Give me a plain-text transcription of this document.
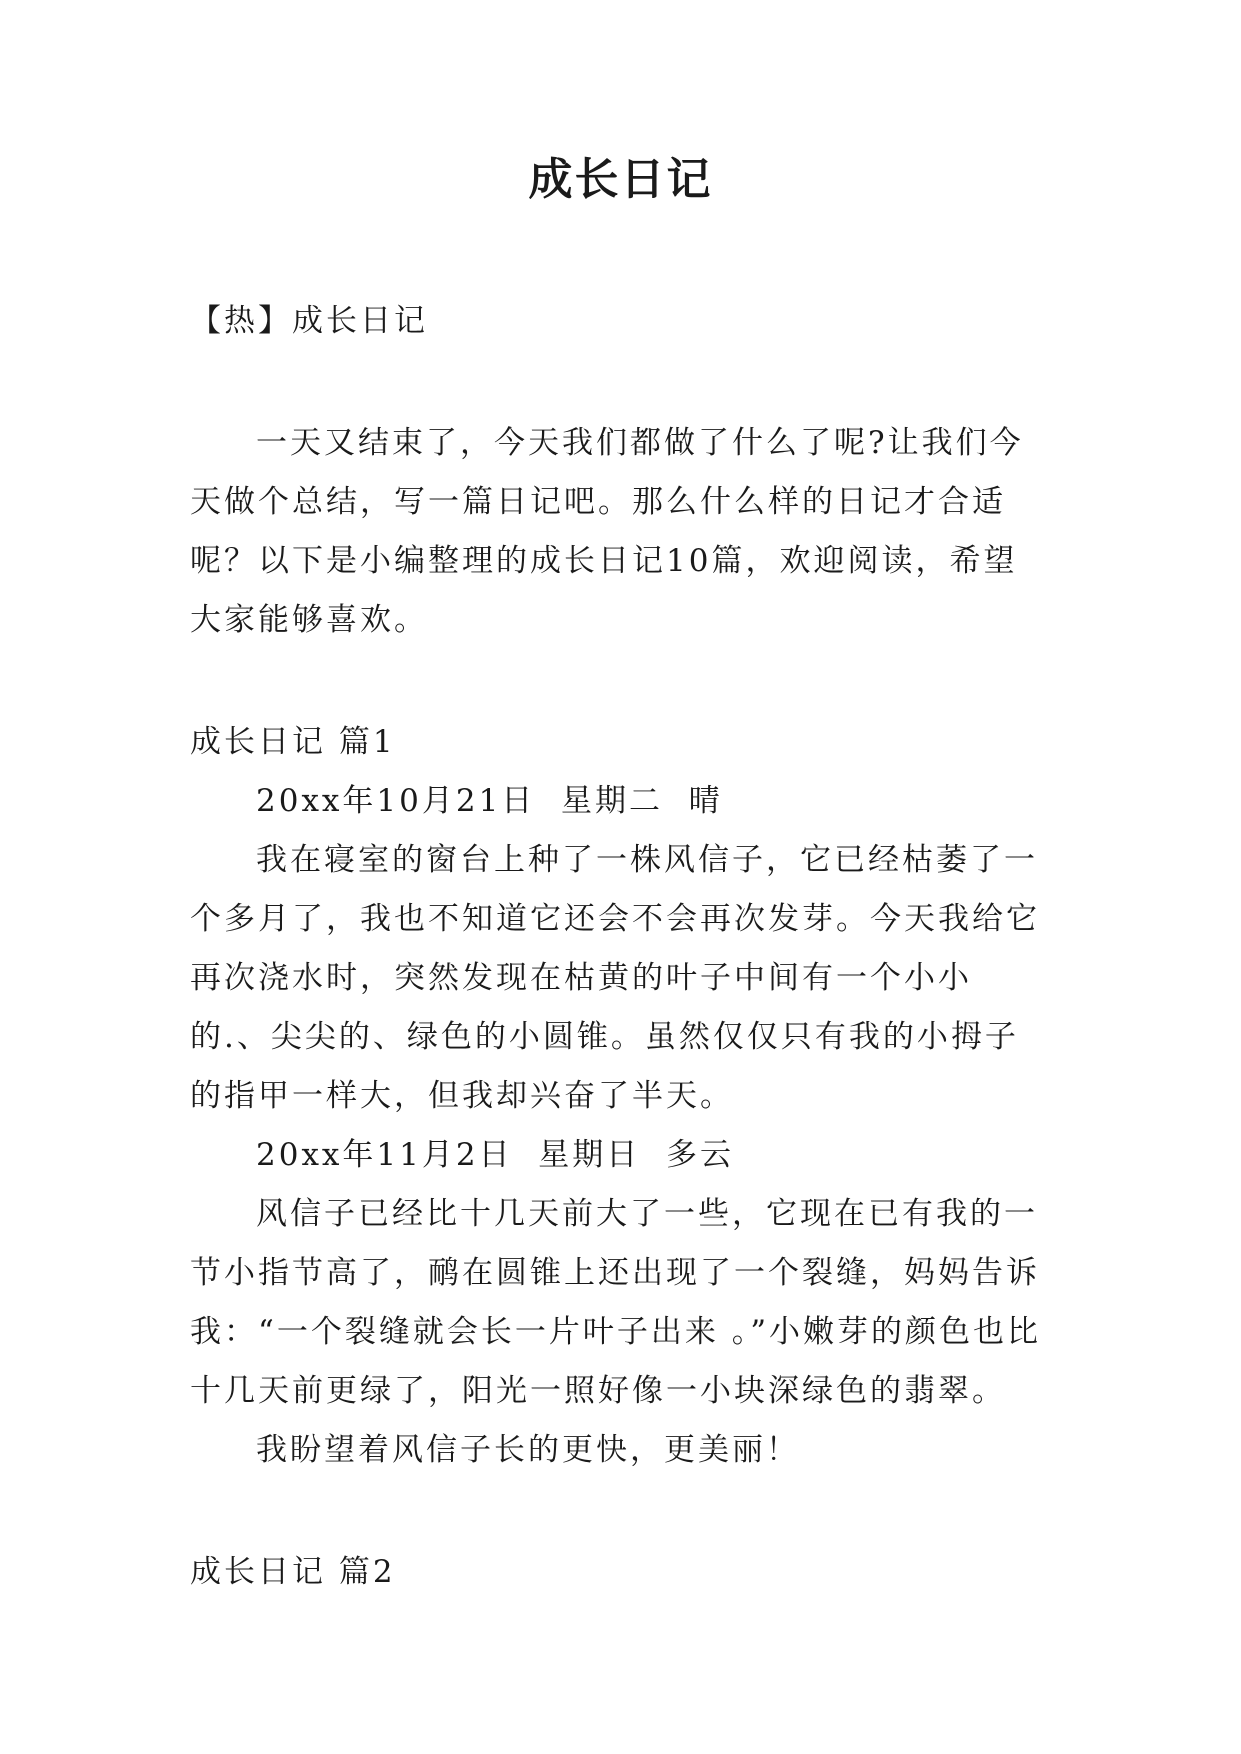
成长日记

【热】成长日记

一天又结束了，今天我们都做了什么了呢?让我们今天做个总结，写一篇日记吧。那么什么样的日记才合适呢？以下是小编整理的成长日记10篇，欢迎阅读，希望大家能够喜欢。

成长日记 篇1

20xx年10月21日  星期二  晴

我在寝室的窗台上种了一株风信子，它已经枯萎了一个多月了，我也不知道它还会不会再次发芽。今天我给它再次浇水时，突然发现在枯黄的叶子中间有一个小小的.、尖尖的、绿色的小圆锥。虽然仅仅只有我的小拇子的指甲一样大，但我却兴奋了半天。

20xx年11月2日  星期日  多云

风信子已经比十几天前大了一些，它现在已有我的一节小指节高了，鸸在圆锥上还出现了一个裂缝，妈妈告诉我：“一个裂缝就会长一片叶子出来 。”小嫩芽的颜色也比十几天前更绿了，阳光一照好像一小块深绿色的翡翠。

我盼望着风信子长的更快，更美丽！

成长日记 篇2
